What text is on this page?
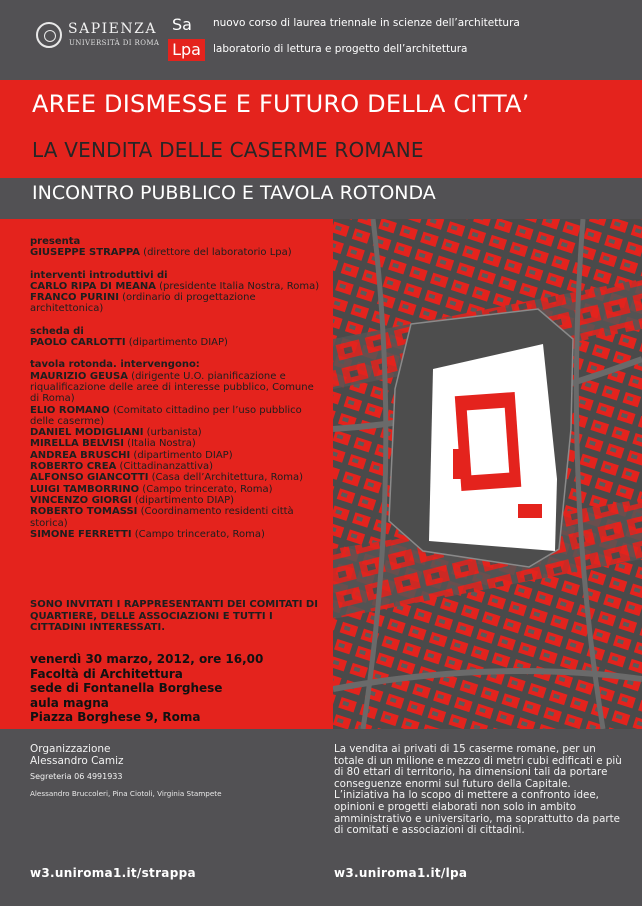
SAPIENZA
UNIVERSITÀ DI ROMA
Sa
Lpa
nuovo corso di laurea triennale in scienze dell’architettura
laboratorio di lettura e progetto dell’architettura
AREE DISMESSE E FUTURO DELLA CITTA’
LA VENDITA DELLE CASERME ROMANE
INCONTRO PUBBLICO E TAVOLA ROTONDA
presenta
GIUSEPPE STRAPPA (direttore del laboratorio Lpa)
interventi introduttivi di
CARLO RIPA DI MEANA (presidente Italia Nostra, Roma)
FRANCO PURINI (ordinario di progettazione architettonica)
scheda di
PAOLO CARLOTTI (dipartimento DIAP)
tavola rotonda. intervengono:
MAURIZIO GEUSA (dirigente U.O. pianificazione e riqualificazione delle aree di interesse pubblico, Comune di Roma)
ELIO ROMANO (Comitato cittadino per l’uso pubblico delle caserme)
DANIEL MODIGLIANI (urbanista)
MIRELLA BELVISI (Italia Nostra)
ANDREA BRUSCHI (dipartimento DIAP)
ROBERTO CREA (Cittadinanzattiva)
ALFONSO GIANCOTTI (Casa dell’Architettura, Roma)
LUIGI TAMBORRINO (Campo trincerato, Roma)
VINCENZO GIORGI (dipartimento DIAP)
ROBERTO TOMASSI (Coordinamento residenti città storica)
SIMONE FERRETTI (Campo trincerato, Roma)
SONO INVITATI I RAPPRESENTANTI DEI COMITATI DI QUARTIERE, DELLE ASSOCIAZIONI E TUTTI I CITTADINI INTERESSATI.
venerdì 30 marzo, 2012, ore 16,00
Facoltà di Architettura
sede di Fontanella Borghese
aula magna
Piazza Borghese 9, Roma
Organizzazione
Alessandro Camiz
Segreteria 06 4991933
Alessandro Bruccoleri, Pina Ciotoli, Virginia Stampete
La vendita ai privati di 15 caserme romane, per un totale di un milione e mezzo di metri cubi edificati e più di 80 ettari di territorio, ha dimensioni tali da portare conseguenze enormi sul futuro della Capitale. L’iniziativa ha lo scopo di mettere a confronto idee, opinioni e progetti elaborati non solo in ambito amministrativo e universitario, ma soprattutto da parte di comitati e associazioni di cittadini.
w3.uniroma1.it/strappa	w3.uniroma1.it/lpa
